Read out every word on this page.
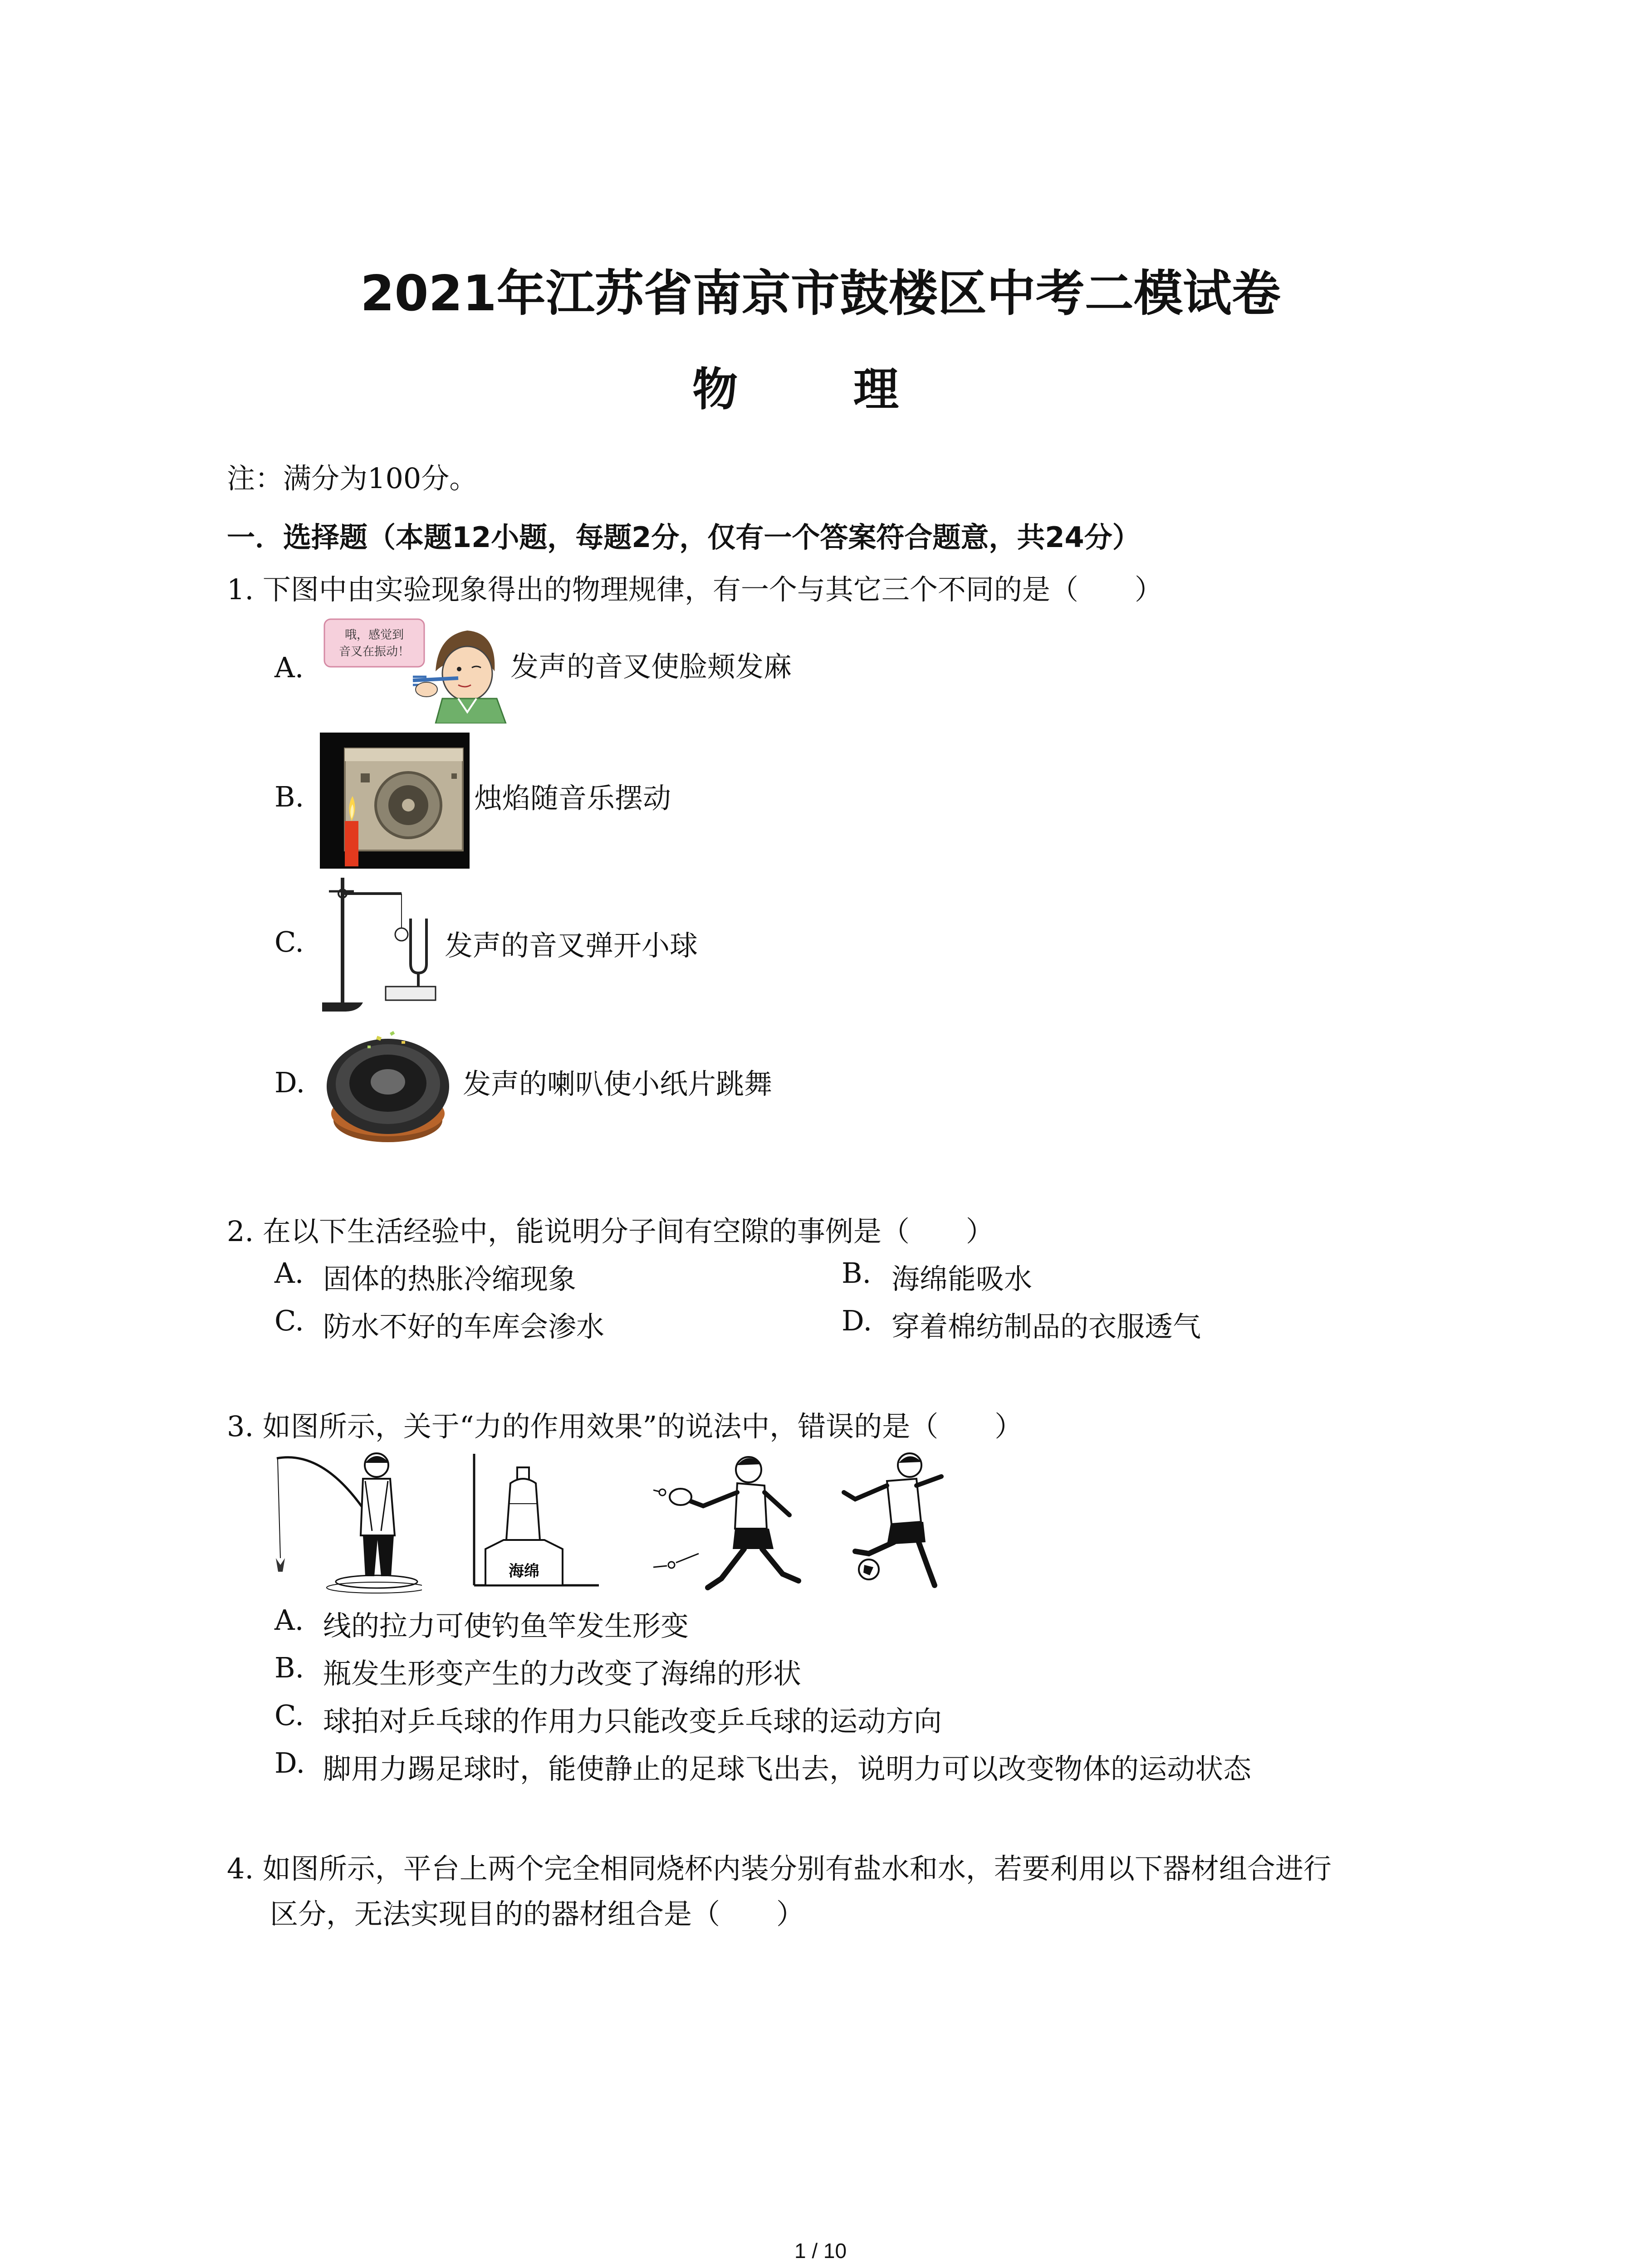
2021年江苏省南京市鼓楼区中考二模试卷
物 理
注：满分为100分。
一．选择题（本题12小题，每题2分，仅有一个答案符合题意，共24分）
1. 下图中由实验现象得出的物理规律，有一个与其它三个不同的是（　　）
A.
哦，感觉到
音叉在振动！	发声的音叉使脸颊发麻
B.	烛焰随音乐摆动
C.	发声的音叉弹开小球
D.	发声的喇叭使小纸片跳舞
2. 在以下生活经验中，能说明分子间有空隙的事例是（　　）
A. 固体的热胀冷缩现象	B. 海绵能吸水
C. 防水不好的车库会渗水	D. 穿着棉纺制品的衣服透气
3. 如图所示，关于“力的作用效果”的说法中，错误的是（　　）
海绵
A. 线的拉力可使钓鱼竿发生形变
B. 瓶发生形变产生的力改变了海绵的形状
C. 球拍对乒乓球的作用力只能改变乒乓球的运动方向
D. 脚用力踢足球时，能使静止的足球飞出去，说明力可以改变物体的运动状态
4. 如图所示，平台上两个完全相同烧杯内装分别有盐水和水，若要利用以下器材组合进行
区分，无法实现目的的器材组合是（　　）
1 / 10
